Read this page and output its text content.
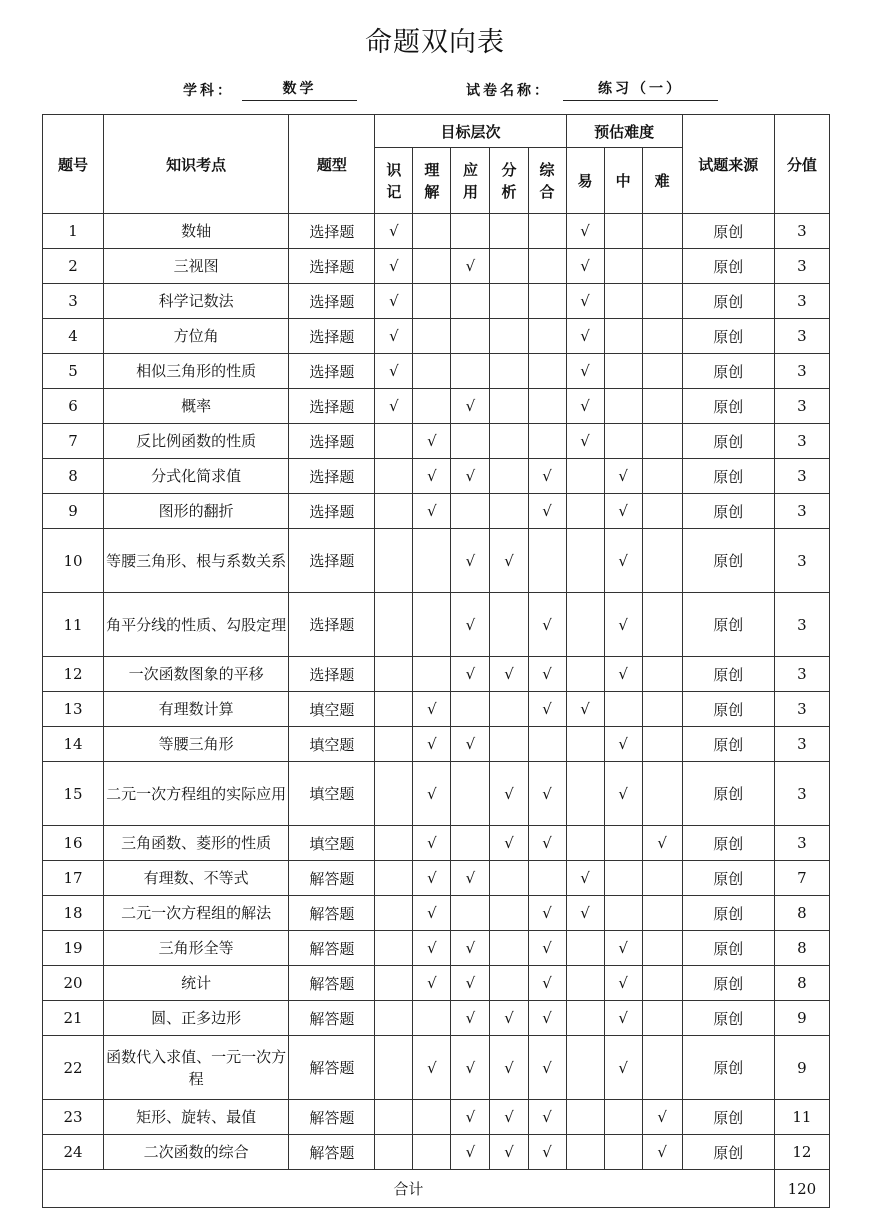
命题双向表
学科：	数学	试卷名称：	练习（一）
题号	知识考点	题型	目标层次					预估难度			试题来源	分值
			识记	理解	应用	分析	综合	易	中	难		
1	数轴	选择题	√					√			原创	3
2	三视图	选择题	√		√			√			原创	3
3	科学记数法	选择题	√					√			原创	3
4	方位角	选择题	√					√			原创	3
5	相似三角形的性质	选择题	√					√			原创	3
6	概率	选择题	√		√			√			原创	3
7	反比例函数的性质	选择题		√				√			原创	3
8	分式化简求值	选择题		√	√		√		√		原创	3
9	图形的翻折	选择题		√			√		√		原创	3
10	等腰三角形、根与系数关系	选择题			√	√			√		原创	3
11	角平分线的性质、勾股定理	选择题			√		√		√		原创	3
12	一次函数图象的平移	选择题			√	√	√		√		原创	3
13	有理数计算	填空题		√			√	√			原创	3
14	等腰三角形	填空题		√	√				√		原创	3
15	二元一次方程组的实际应用	填空题		√		√	√		√		原创	3
16	三角函数、菱形的性质	填空题		√		√	√			√	原创	3
17	有理数、不等式	解答题		√	√			√			原创	7
18	二元一次方程组的解法	解答题		√			√	√			原创	8
19	三角形全等	解答题		√	√		√		√		原创	8
20	统计	解答题		√	√		√		√		原创	8
21	圆、正多边形	解答题			√	√	√		√		原创	9
22	函数代入求值、一元一次方程	解答题		√	√	√	√		√		原创	9
23	矩形、旋转、最值	解答题			√	√	√			√	原创	11
24	二次函数的综合	解答题			√	√	√			√	原创	12
合计												120
